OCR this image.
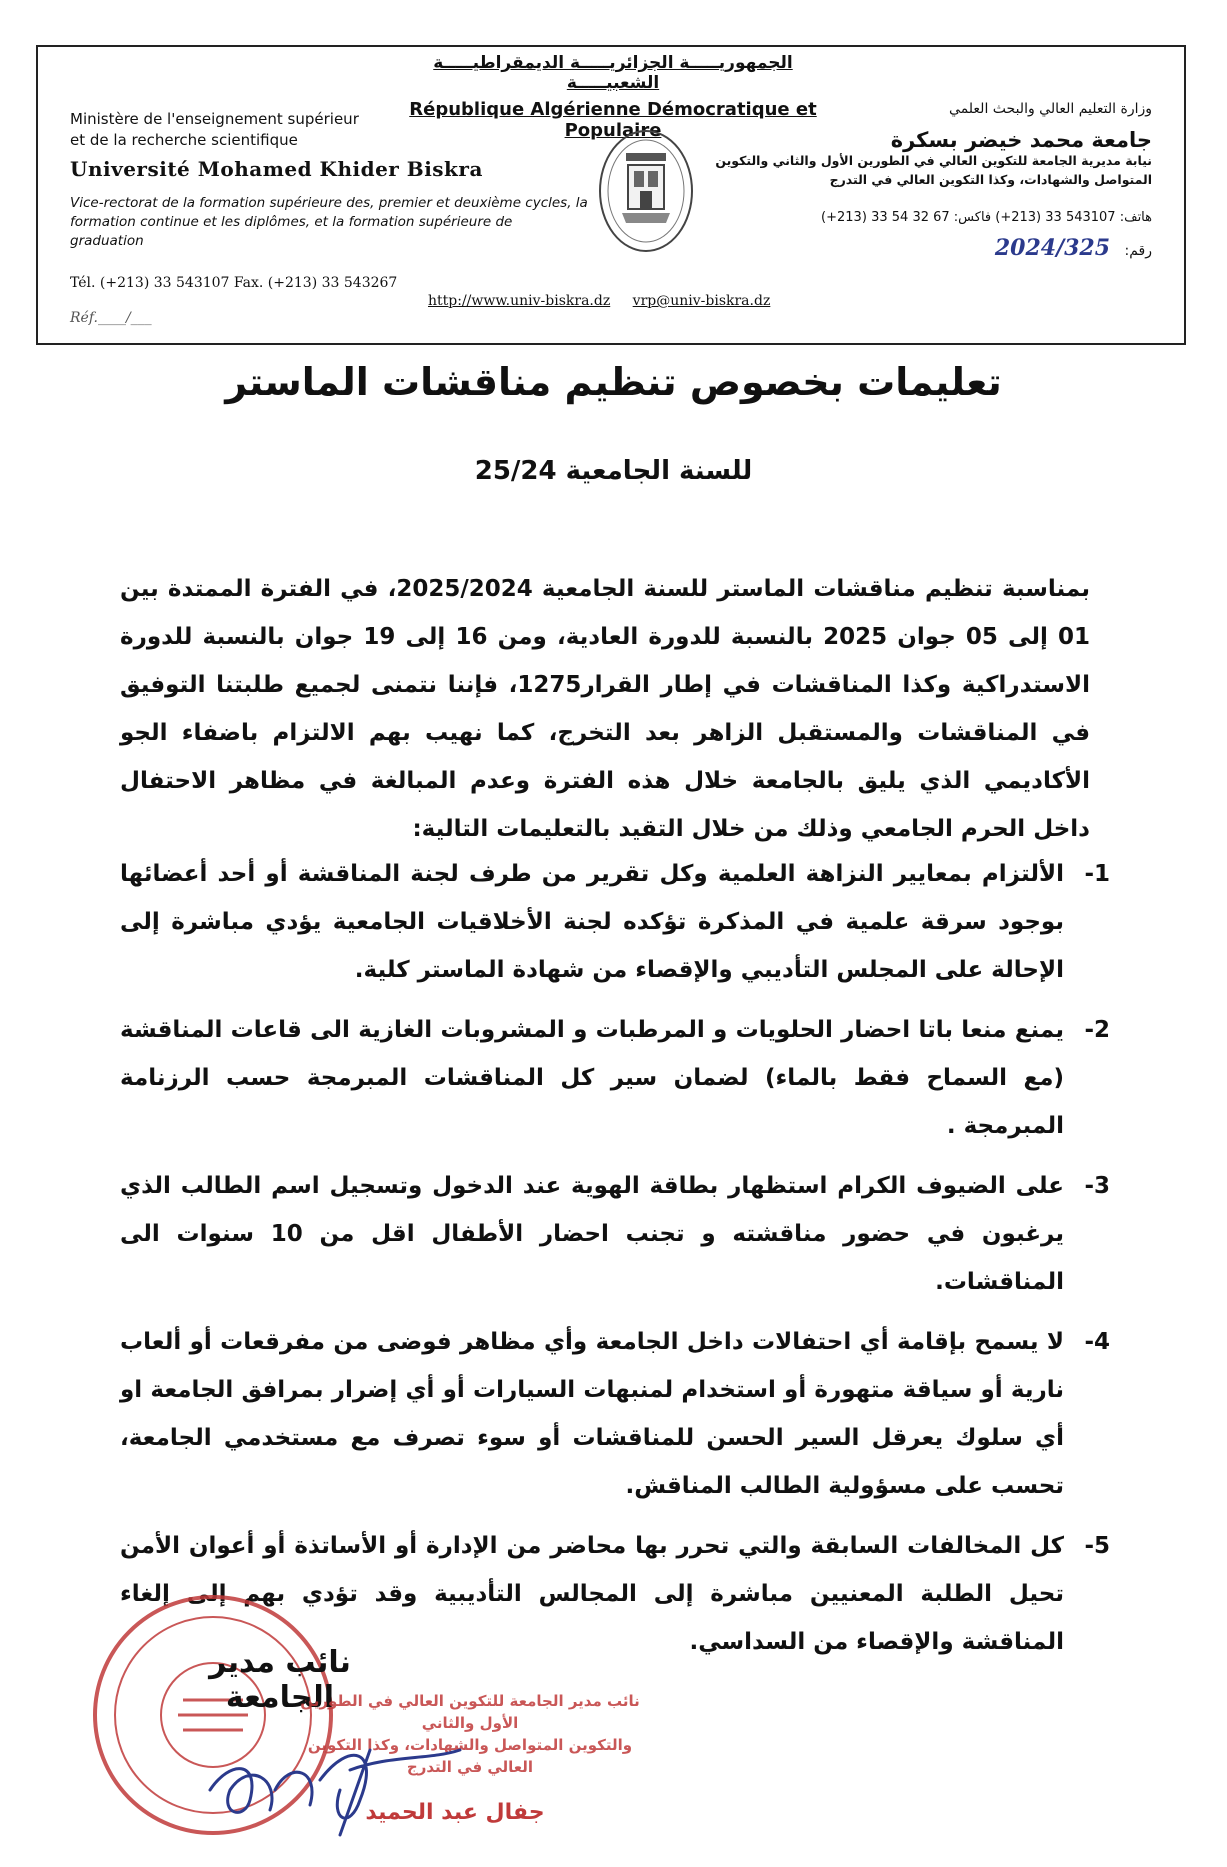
الجمهوريـــــة الجزائريـــــة الديمقراطيـــــة الشعبيـــــة
République Algérienne Démocratique et Populaire
Ministère de l'enseignement supérieur
et de la recherche scientifique
Université Mohamed Khider Biskra
Vice-rectorat de la formation supérieure des, premier et deuxième cycles, la
formation continue et les diplômes, et la formation supérieure de graduation
Tél. (+213) 33 543107 Fax. (+213) 33 543267
Réf.____/___
وزارة التعليم العالي والبحث العلمي
جامعة محمد خيضر بسكرة
نيابة مديرية الجامعة للتكوين العالي في الطورين الأول والثاني والتكوين
المتواصل والشهادات، وكذا التكوين العالي في التدرج
هاتف: 543107 33 (213+) فاكس: 67 32 54 33 (213+)
رقم: 2024/325
http://www.univ-biskra.dz vrp@univ-biskra.dz
تعليمات بخصوص تنظيم مناقشات الماستر
للسنة الجامعية 25/24
بمناسبة تنظيم مناقشات الماستر للسنة الجامعية 2025/2024، في الفترة الممتدة بين 01 إلى 05 جوان 2025 بالنسبة للدورة العادية، ومن 16 إلى 19 جوان بالنسبة للدورة الاستدراكية وكذا المناقشات في إطار القرار1275، فإننا نتمنى لجميع طلبتنا التوفيق في المناقشات والمستقبل الزاهر بعد التخرج، كما نهيب بهم الالتزام باضفاء الجو الأكاديمي الذي يليق بالجامعة خلال هذه الفترة وعدم المبالغة في مظاهر الاحتفال داخل الحرم الجامعي وذلك من خلال التقيد بالتعليمات التالية:
1-
الألتزام بمعايير النزاهة العلمية وكل تقرير من طرف لجنة المناقشة أو أحد أعضائها بوجود سرقة علمية في المذكرة تؤكده لجنة الأخلاقيات الجامعية يؤدي مباشرة إلى الإحالة على المجلس التأديبي والإقصاء من شهادة الماستر كلية.
2-
يمنع منعا باتا احضار الحلويات و المرطبات و المشروبات الغازية الى قاعات المناقشة (مع السماح فقط بالماء) لضمان سير كل المناقشات المبرمجة حسب الرزنامة المبرمجة .
3-
على الضيوف الكرام استظهار بطاقة الهوية عند الدخول وتسجيل اسم الطالب الذي يرغبون في حضور مناقشته و تجنب احضار الأطفال اقل من 10 سنوات الى المناقشات.
4-
لا يسمح بإقامة أي احتفالات داخل الجامعة وأي مظاهر فوضى من مفرقعات أو ألعاب نارية أو سياقة متهورة أو استخدام لمنبهات السيارات أو أي إضرار بمرافق الجامعة او أي سلوك يعرقل السير الحسن للمناقشات أو سوء تصرف مع مستخدمي الجامعة، تحسب على مسؤولية الطالب المناقش.
5-
كل المخالفات السابقة والتي تحرر بها محاضر من الإدارة أو الأساتذة أو أعوان الأمن تحيل الطلبة المعنيين مباشرة إلى المجالس التأديبية وقد تؤدي بهم إلى إلغاء المناقشة والإقصاء من السداسي.
نائب مدير الجامعة
نائب مدير الجامعة للتكوين العالي في الطورين الأول والثاني
والتكوين المتواصل والشهادات، وكذا التكوين العالي في التدرج
جفال عبد الحميد
